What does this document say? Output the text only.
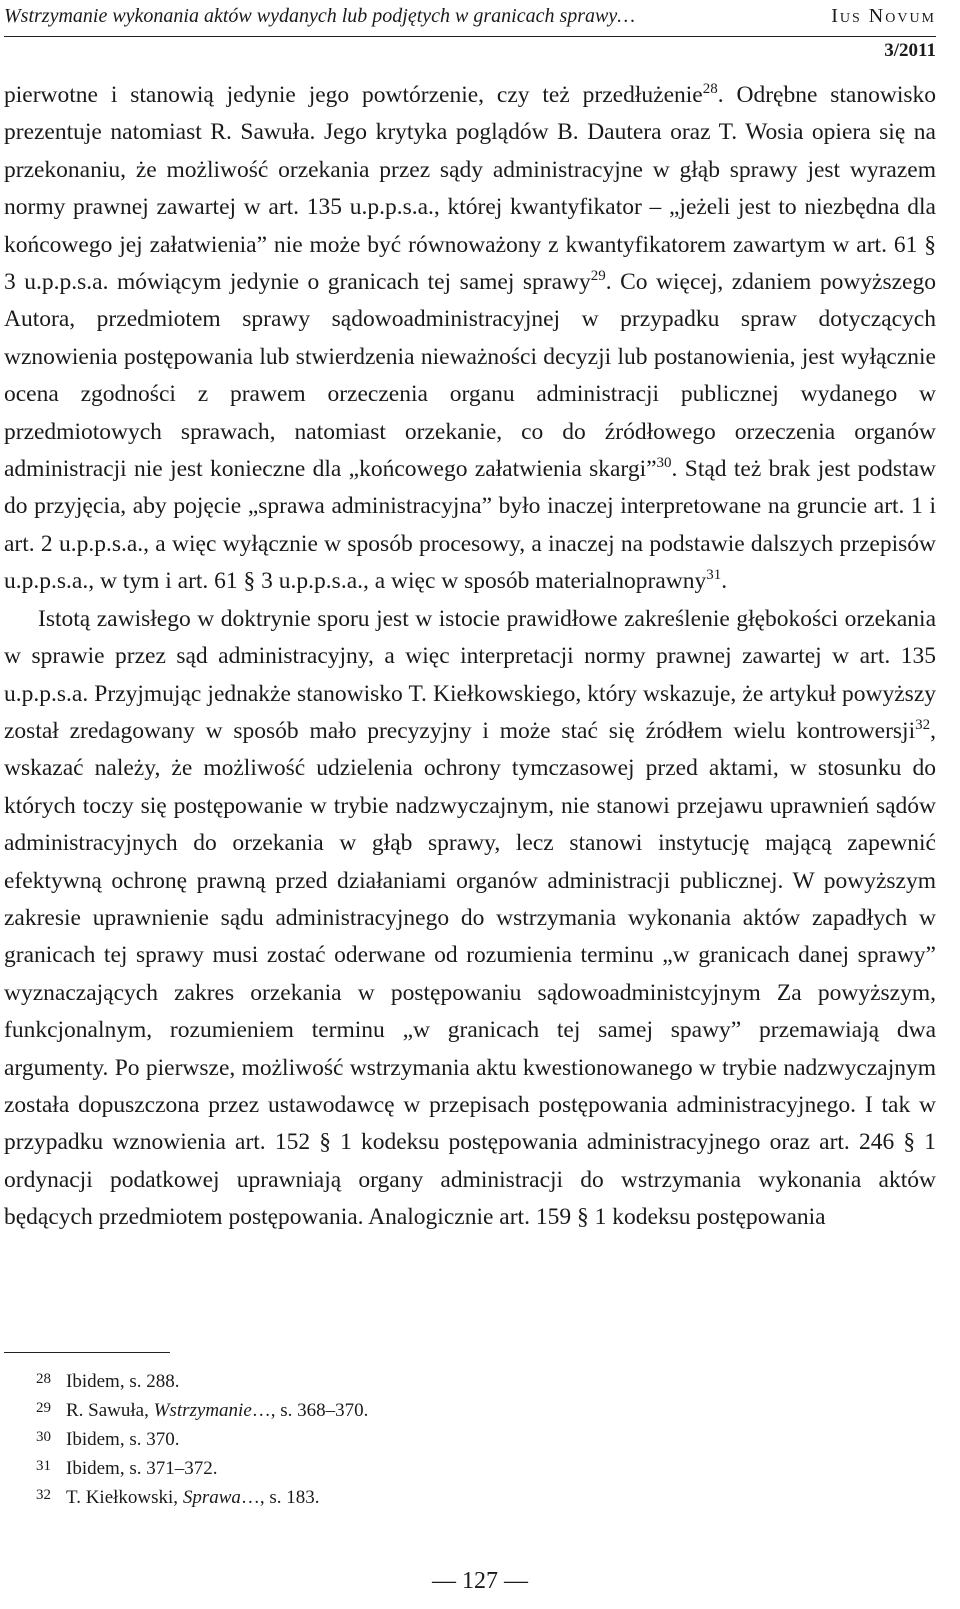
Wstrzymanie wykonania aktów wydanych lub podjętych w granicach sprawy…	Ius Novum
3/2011

pierwotne i stanowią jedynie jego powtórzenie, czy też przedłużenie$^{28}$. Odrębne stanowisko prezentuje natomiast R. Sawuła. Jego krytyka poglądów B. Dautera oraz T. Wosia opiera się na przekonaniu, że możliwość orzekania przez sądy administracyjne w głąb sprawy jest wyrazem normy prawnej zawartej w art. 135 u.p.p.s.a., której kwantyfikator – „jeżeli jest to niezbędna dla końcowego jej załatwienia” nie może być równoważony z kwantyfikatorem zawartym w art. 61 § 3 u.p.p.s.a. mówiącym jedynie o granicach tej samej sprawy$^{29}$. Co więcej, zdaniem powyższego Autora, przedmiotem sprawy sądowoadministracyjnej w przypadku spraw dotyczących wznowienia postępowania lub stwierdzenia nieważności decyzji lub postanowienia, jest wyłącznie ocena zgodności z prawem orzeczenia organu administracji publicznej wydanego w przedmiotowych sprawach, natomiast orzekanie, co do źródłowego orzeczenia organów administracji nie jest konieczne dla „końcowego załatwienia skargi”$^{30}$. Stąd też brak jest podstaw do przyjęcia, aby pojęcie „sprawa administracyjna” było inaczej interpretowane na gruncie art. 1 i art. 2 u.p.p.s.a., a więc wyłącznie w sposób procesowy, a inaczej na podstawie dalszych przepisów u.p.p.s.a., w tym i art. 61 § 3 u.p.p.s.a., a więc w sposób materialnoprawny$^{31}$.

Istotą zawisłego w doktrynie sporu jest w istocie prawidłowe zakreślenie głębokości orzekania w sprawie przez sąd administracyjny, a więc interpretacji normy prawnej zawartej w art. 135 u.p.p.s.a. Przyjmując jednakże stanowisko T. Kiełkowskiego, który wskazuje, że artykuł powyższy został zredagowany w sposób mało precyzyjny i może stać się źródłem wielu kontrowersji$^{32}$, wskazać należy, że możliwość udzielenia ochrony tymczasowej przed aktami, w stosunku do których toczy się postępowanie w trybie nadzwyczajnym, nie stanowi przejawu uprawnień sądów administracyjnych do orzekania w głąb sprawy, lecz stanowi instytucję mającą zapewnić efektywną ochronę prawną przed działaniami organów administracji publicznej. W powyższym zakresie uprawnienie sądu administracyjnego do wstrzymania wykonania aktów zapadłych w granicach tej sprawy musi zostać oderwane od rozumienia terminu „w granicach danej sprawy” wyznaczających zakres orzekania w postępowaniu sądowoadministcyjnym Za powyższym, funkcjonalnym, rozumieniem terminu „w granicach tej samej spawy” przemawiają dwa argumenty. Po pierwsze, możliwość wstrzymania aktu kwestionowanego w trybie nadzwyczajnym została dopuszczona przez ustawodawcę w przepisach postępowania administracyjnego. I tak w przypadku wznowienia art. 152 § 1 kodeksu postępowania administracyjnego oraz art. 246 § 1 ordynacji podatkowej uprawniają organy administracji do wstrzymania wykonania aktów będących przedmiotem postępowania. Analogicznie art. 159 § 1 kodeksu postępowania

28 Ibidem, s. 288.
29 R. Sawuła, Wstrzymanie…, s. 368–370.
30 Ibidem, s. 370.
31 Ibidem, s. 371–372.
32 T. Kiełkowski, Sprawa…, s. 183.
— 127 —
